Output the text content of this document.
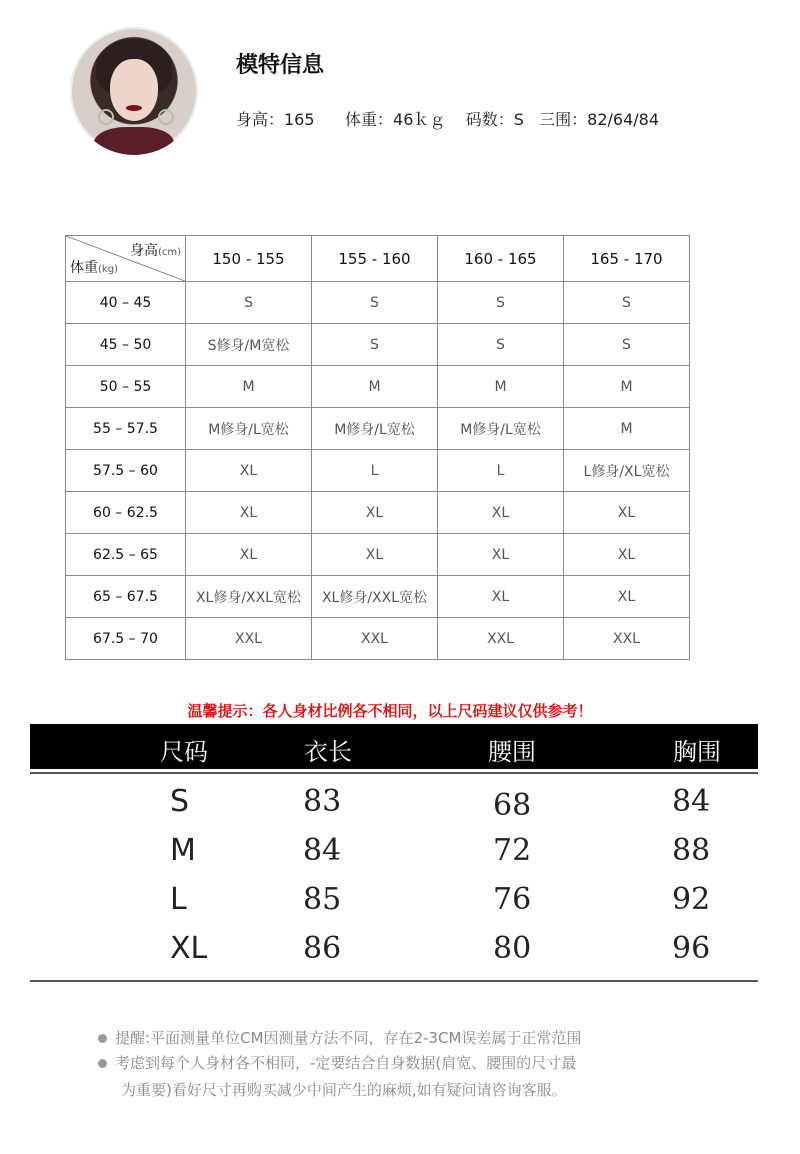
模特信息
身高：165      体重：46ｋｇ    码数：S   三围：82/64/84
身高(cm)
体重(kg)	150 - 155	155 - 160	160 - 165	165 - 170
40 – 45	S	S	S	S
45 – 50	S修身/M宽松	S	S	S
50 – 55	M	M	M	M
55 – 57.5	M修身/L宽松	M修身/L宽松	M修身/L宽松	M
57.5 – 60	XL	L	L	L修身/XL宽松
60 – 62.5	XL	XL	XL	XL
62.5 – 65	XL	XL	XL	XL
65 – 67.5	XL修身/XXL宽松	XL修身/XXL宽松	XL	XL
67.5 – 70	XXL	XXL	XXL	XXL
温馨提示：各人身材比例各不相同，以上尺码建议仅供参考！
尺码	衣长	腰围	胸围
S	83	68	84
M	84	72	88
L	85	76	92
XL	86	80	96
提醒:平面测量单位CM因测量方法不同，存在2-3CM误差属于正常范围
考虑到每个人身材各不相同，-定要结合自身数据(肩宽、腰围的尺寸最
为重要)看好尺寸再购买减少中间产生的麻烦,如有疑问请咨询客服。
